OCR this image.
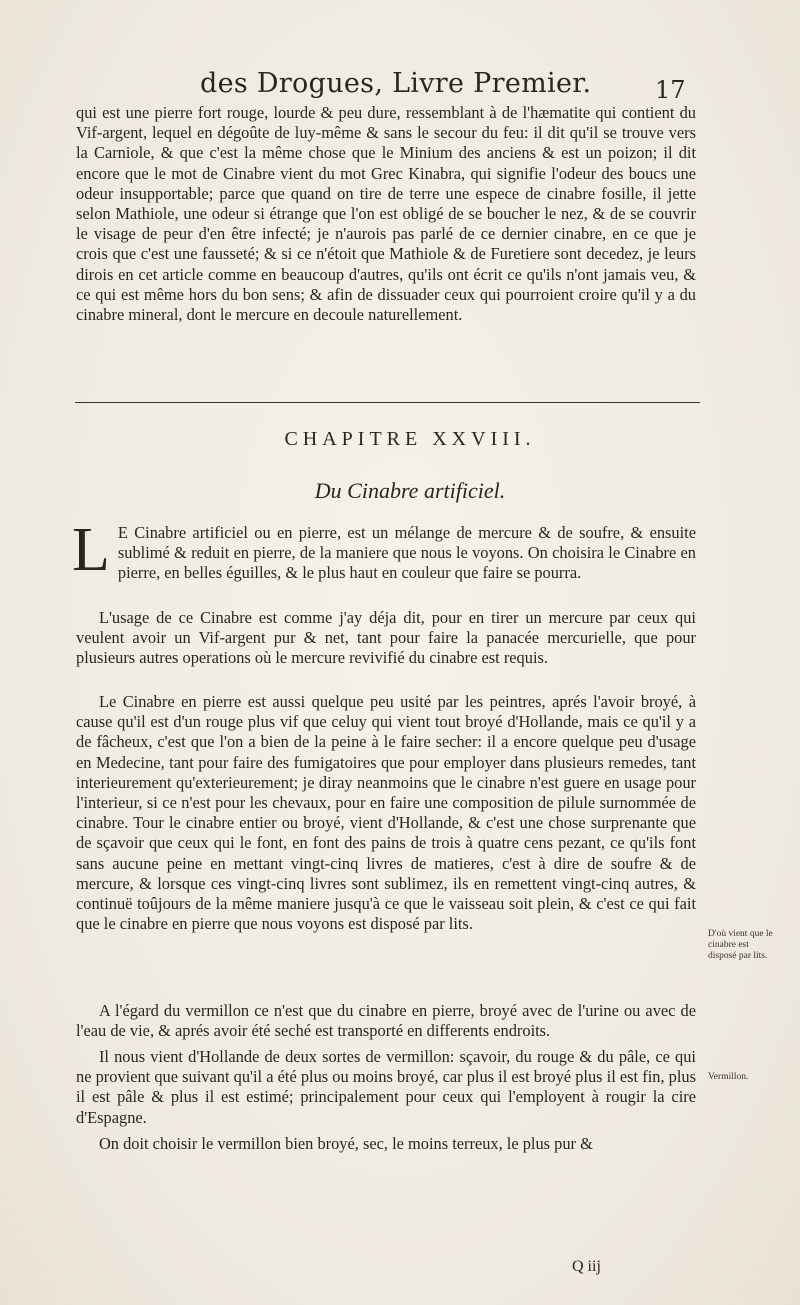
des Drogues, Livre Premier.	17

qui est une pierre fort rouge, lourde & peu dure, ressemblant à de l'hæmatite qui contient du Vif-argent, lequel en dégoûte de luy-même & sans le secour du feu: il dit qu'il se trouve vers la Carniole, & que c'est la même chose que le Minium des anciens & est un poizon; il dit encore que le mot de Cinabre vient du mot Grec Kinabra, qui signifie l'odeur des boucs une odeur insupportable; parce que quand on tire de terre une espece de cinabre fosille, il jette selon Mathiole, une odeur si étrange que l'on est obligé de se boucher le nez, & de se couvrir le visage de peur d'en être infecté; je n'aurois pas parlé de ce dernier cinabre, en ce que je crois que c'est une fausseté; & si ce n'étoit que Mathiole & de Furetiere sont decedez, je leurs dirois en cet article comme en beaucoup d'autres, qu'ils ont écrit ce qu'ils n'ont jamais veu, & ce qui est même hors du bon sens; & afin de dissuader ceux qui pourroient croire qu'il y a du cinabre mineral, dont le mercure en decoule naturellement.

CHAPITRE XXVIII.
Du Cinabre artificiel.
L E Cinabre artificiel ou en pierre, est un mélange de mercure & de soufre, & ensuite sublimé & reduit en pierre, de la maniere que nous le voyons. On choisira le Cinabre en pierre, en belles éguilles, & le plus haut en couleur que faire se pourra.

L'usage de ce Cinabre est comme j'ay déja dit, pour en tirer un mercure par ceux qui veulent avoir un Vif-argent pur & net, tant pour faire la panacée mercurielle, que pour plusieurs autres operations où le mercure revivifié du cinabre est requis.

Le Cinabre en pierre est aussi quelque peu usité par les peintres, aprés l'avoir broyé, à cause qu'il est d'un rouge plus vif que celuy qui vient tout broyé d'Hollande, mais ce qu'il y a de fâcheux, c'est que l'on a bien de la peine à le faire secher: il a encore quelque peu d'usage en Medecine, tant pour faire des fumigatoires que pour employer dans plusieurs remedes, tant interieurement qu'exterieurement; je diray neanmoins que le cinabre n'est guere en usage pour l'interieur, si ce n'est pour les chevaux, pour en faire une composition de pilule surnommée de cinabre. Tour le cinabre entier ou broyé, vient d'Hollande, & c'est une chose surprenante que de sçavoir que ceux qui le font, en font des pains de trois à quatre cens pezant, ce qu'ils font sans aucune peine en mettant vingt-cinq livres de matieres, c'est à dire de soufre & de mercure, & lorsque ces vingt-cinq livres sont sublimez, ils en remettent vingt-cinq autres, & continuë toûjours de la même maniere jusqu'à ce que le vaisseau soit plein, & c'est ce qui fait que le cinabre en pierre que nous voyons est disposé par lits.

A l'égard du vermillon ce n'est que du cinabre en pierre, broyé avec de l'urine ou avec de l'eau de vie, & aprés avoir été seché est transporté en differents endroits.

Il nous vient d'Hollande de deux sortes de vermillon: sçavoir, du rouge & du pâle, ce qui ne provient que suivant qu'il a été plus ou moins broyé, car plus il est broyé plus il est fin, plus il est pâle & plus il est estimé; principalement pour ceux qui l'employent à rougir la cire d'Espagne.

On doit choisir le vermillon bien broyé, sec, le moins terreux, le plus pur &

Q iij
D'où vient que le cinabre est disposé par lits.
Vermillon.
